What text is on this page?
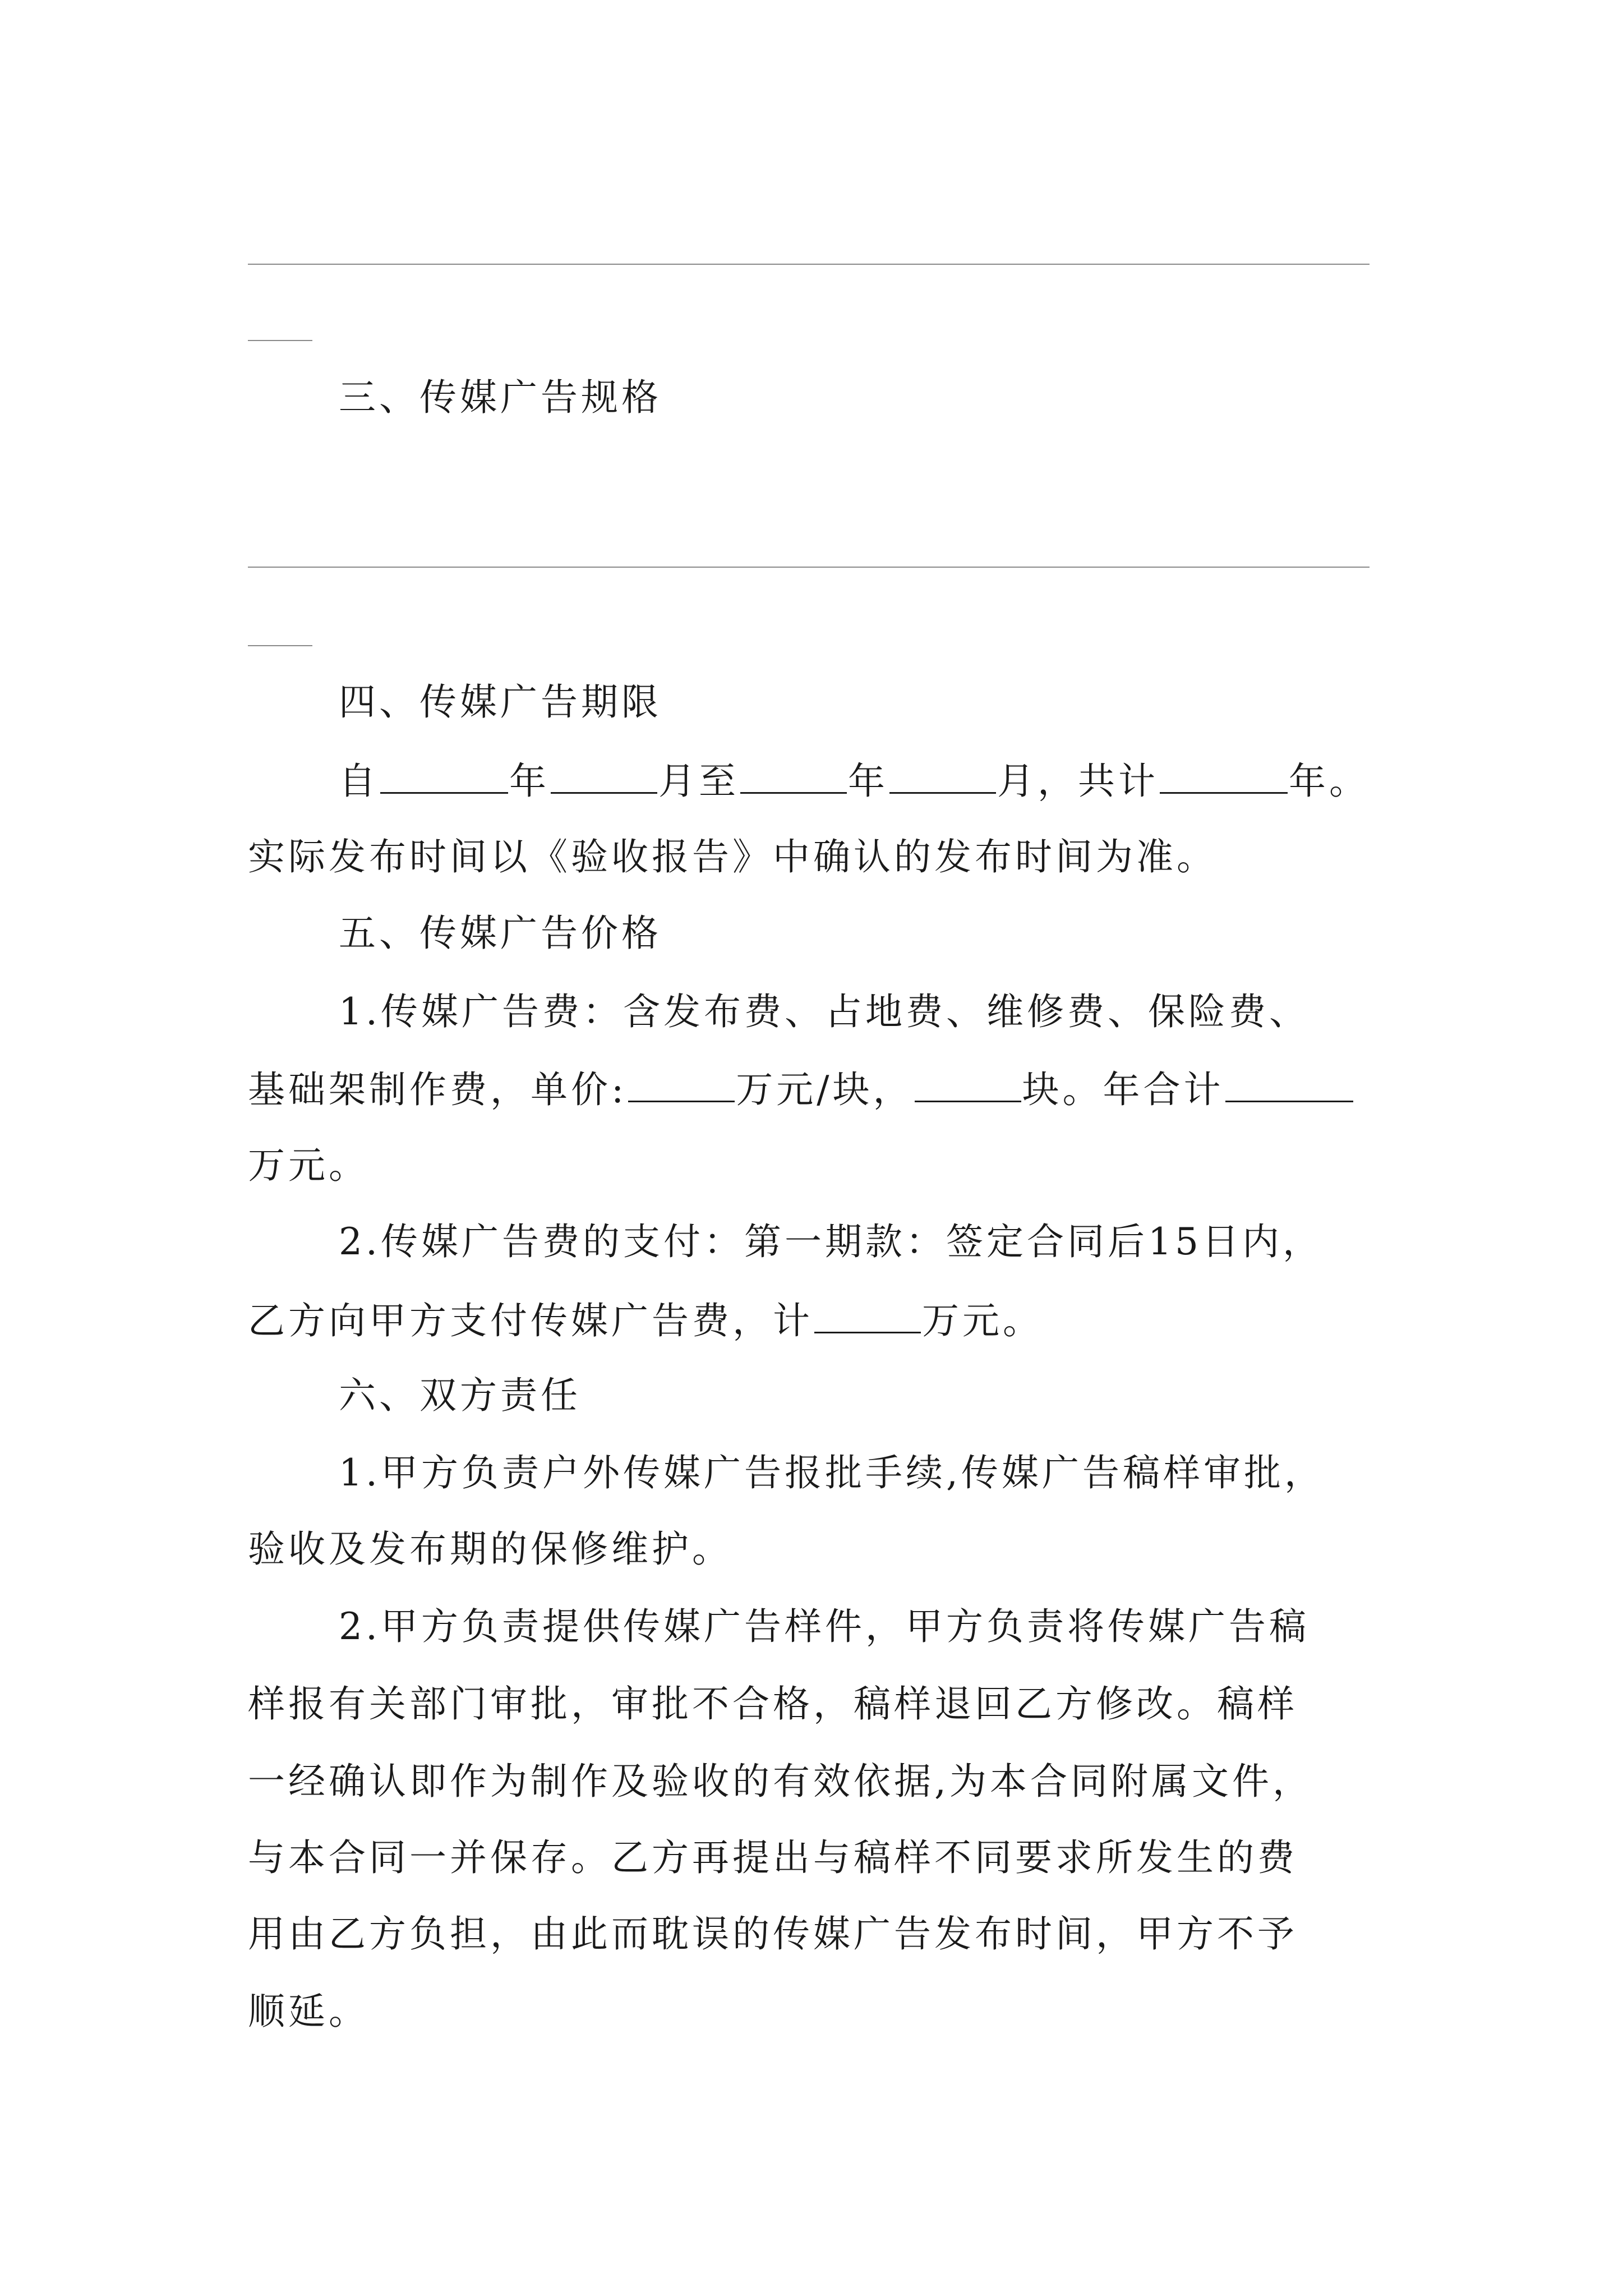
三、传媒广告规格
四、传媒广告期限
自	年	月至	年	月，共计	年。
实际发布时间以《验收报告》中确认的发布时间为准。
五、传媒广告价格
1.传媒广告费：含发布费、占地费、维修费、保险费、
基础架制作费，单价:	万元/块，	块。年合计
万元。
2.传媒广告费的支付：第一期款：签定合同后15日内，
乙方向甲方支付传媒广告费，计	万元。
六、双方责任
1.甲方负责户外传媒广告报批手续,传媒广告稿样审批，
验收及发布期的保修维护。
2.甲方负责提供传媒广告样件，甲方负责将传媒广告稿
样报有关部门审批，审批不合格，稿样退回乙方修改。稿样
一经确认即作为制作及验收的有效依据,为本合同附属文件，
与本合同一并保存。乙方再提出与稿样不同要求所发生的费
用由乙方负担，由此而耽误的传媒广告发布时间，甲方不予
顺延。
